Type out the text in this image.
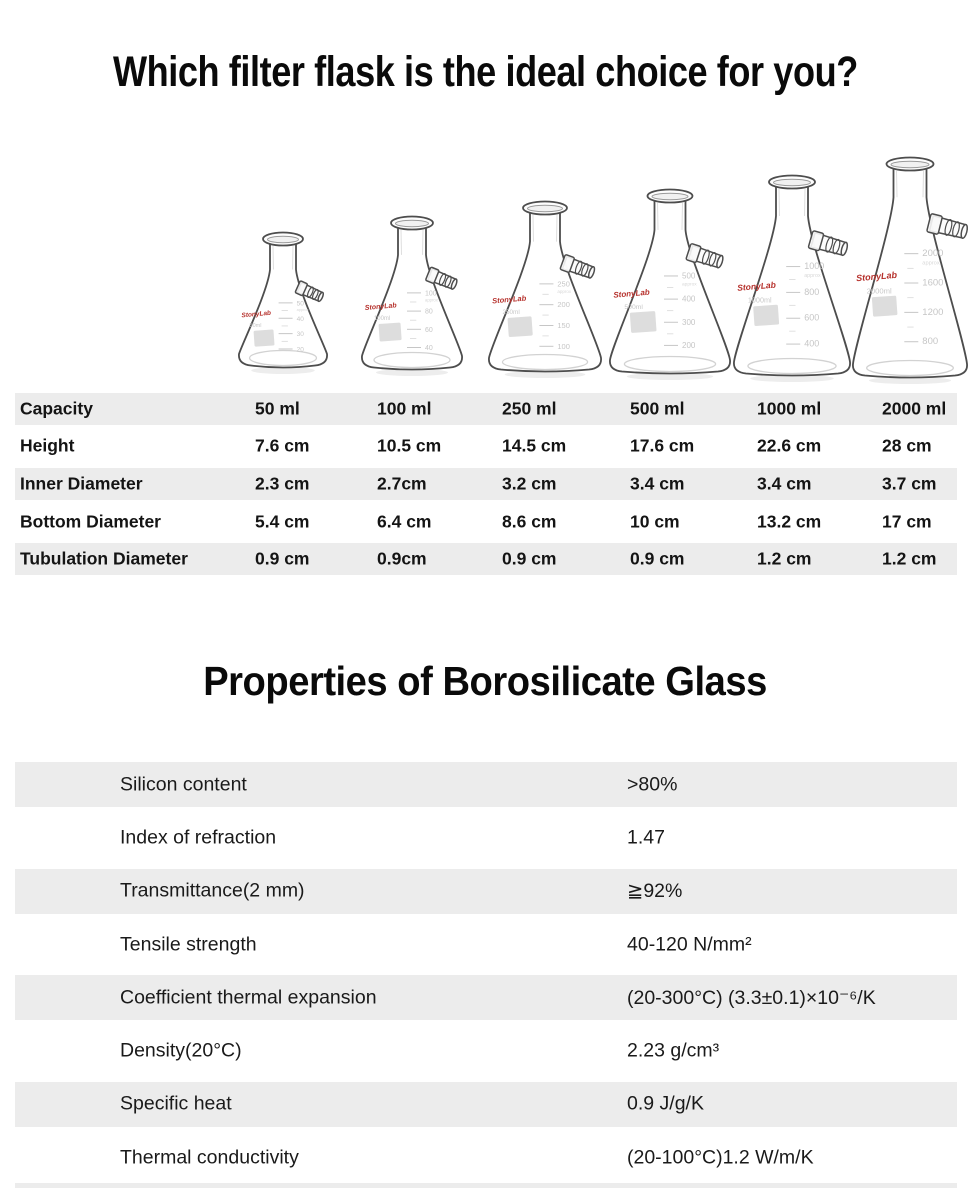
Which filter flask is the ideal choice for you?
50
approx
40
30
20
StonyLab
50ml
100
approx
80
60
40
StonyLab
100ml
250
approx
200
150
100
StonyLab
250ml
500
approx
400
300
200
StonyLab
500ml
1000
approx
800
600
400
StonyLab
1000ml
2000
approx
1600
1200
800
StonyLab
2000ml
Capacity	50 ml	100 ml	250 ml	500 ml	1000 ml	2000 ml
Height	7.6 cm	10.5 cm	14.5 cm	17.6 cm	22.6 cm	28 cm
Inner Diameter	2.3 cm	2.7cm	3.2 cm	3.4 cm	3.4 cm	3.7 cm
Bottom Diameter	5.4 cm	6.4 cm	8.6 cm	10 cm	13.2 cm	17 cm
Tubulation Diameter	0.9 cm	0.9cm	0.9 cm	0.9 cm	1.2 cm	1.2 cm
Properties of Borosilicate Glass
Silicon content	>80%
Index of refraction	1.47
Transmittance(2 mm)	≧92%
Tensile strength	40-120 N/mm²
Coefficient thermal expansion	(20-300°C) (3.3±0.1)×10⁻⁶/K
Density(20°C)	2.23 g/cm³
Specific heat	0.9 J/g/K
Thermal conductivity	(20-100°C)1.2 W/m/K
